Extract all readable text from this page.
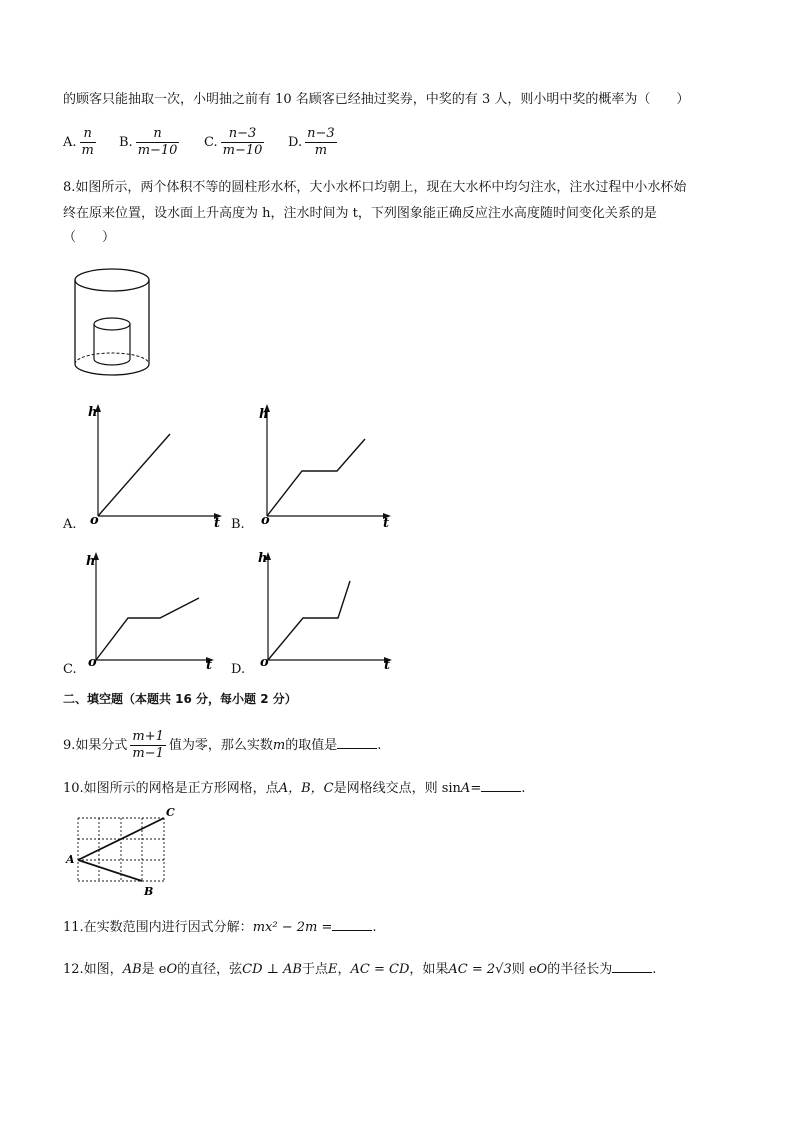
的顾客只能抽取一次，小明抽之前有 10 名顾客已经抽过奖券，中奖的有 3 人，则小明中奖的概率为（　　）
A. $\frac{n}{m} B$. $\frac{n}{m-10} C$. $\frac{n-3}{m-10} D$. $\frac{n-3}{m}$
8.如图所示，两个体积不等的圆柱形水杯，大小水杯口均朝上，现在大水杯中均匀注水，注水过程中小水杯始
终在原来位置，设水面上升高度为 h，注水时间为 t，下列图象能正确反应注水高度随时间变化关系的是
（　　）
A.
h
t
o	B.
h
t
o
C.
h
t
o	D.
h
t
o
二、填空题（本题共 16 分，每小题 2 分）
9.如果分式 $\frac{m+1}{m-1}$ 值为零，那么实数m的取值是	.
10.如图所示的网格是正方形网格，点A，B，C是网格线交点，则 sinA=	.
A
B
C
11.在实数范围内进行因式分解：mx² − 2m =	.
12.如图，AB是 eO的直径，弦CD ⊥ AB于点E，AC = CD，如果AC = 2√3则 eO的半径长为	.
